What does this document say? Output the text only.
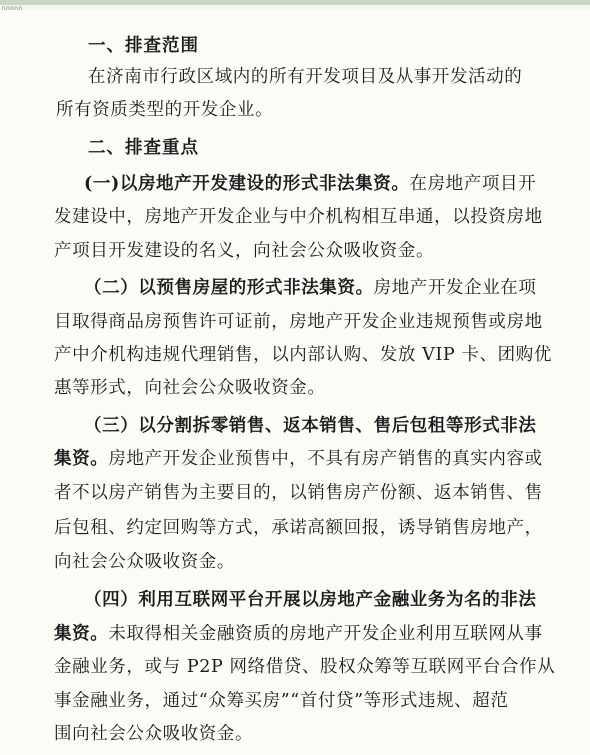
一、排查范围
在济南市行政区域内的所有开发项目及从事开发活动的
所有资质类型的开发企业。
二、排查重点
(一)以房地产开发建设的形式非法集资。在房地产项目开
发建设中，房地产开发企业与中介机构相互串通，以投资房地
产项目开发建设的名义，向社会公众吸收资金。
（二）以预售房屋的形式非法集资。房地产开发企业在项
目取得商品房预售许可证前，房地产开发企业违规预售或房地
产中介机构违规代理销售，以内部认购、发放 VIP 卡、团购优
惠等形式，向社会公众吸收资金。
（三）以分割拆零销售、返本销售、售后包租等形式非法
集资。房地产开发企业预售中，不具有房产销售的真实内容或
者不以房产销售为主要目的，以销售房产份额、返本销售、售
后包租、约定回购等方式，承诺高额回报，诱导销售房地产，
向社会公众吸收资金。
（四）利用互联网平台开展以房地产金融业务为名的非法
集资。未取得相关金融资质的房地产开发企业利用互联网从事
金融业务，或与 P2P 网络借贷、股权众筹等互联网平台合作从
事金融业务，通过“众筹买房”“首付贷”等形式违规、超范
围向社会公众吸收资金。
